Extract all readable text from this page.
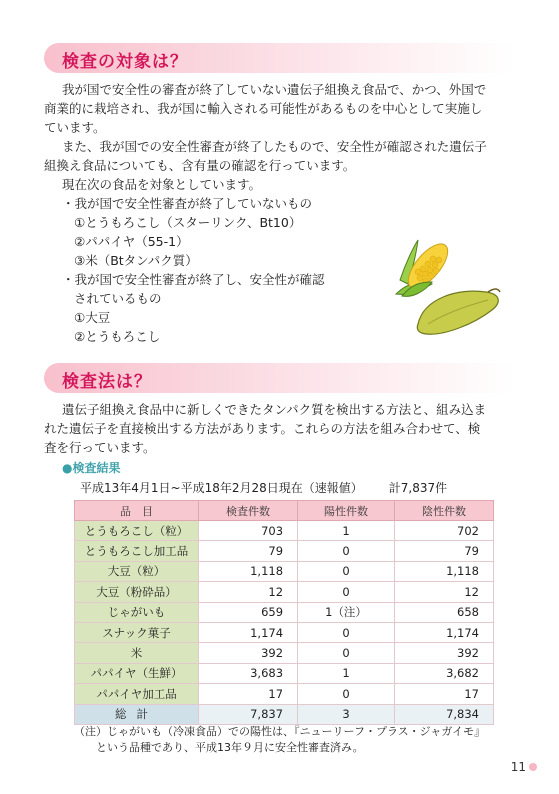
検査の対象は？
我が国で安全性の審査が終了していない遺伝子組換え食品で、かつ、外国で
商業的に栽培され、我が国に輸入される可能性があるものを中心として実施し
ています。
また、我が国での安全性審査が終了したもので、安全性が確認された遺伝子
組換え食品についても、含有量の確認を行っています。
現在次の食品を対象としています。
・我が国で安全性審査が終了していないもの
①とうもろこし（スターリンク、Bt10）
②パパイヤ（55-1）
③米（Btタンパク質）
・我が国で安全性審査が終了し、安全性が確認
されているもの
①大豆
②とうもろこし
検査法は？
遺伝子組換え食品中に新しくできたタンパク質を検出する方法と、組み込ま
れた遺伝子を直接検出する方法があります。これらの方法を組み合わせて、検
査を行っています。
●検査結果
平成13年4月1日~平成18年2月28日現在（速報値） 計7,837件
品　目	検査件数	陽性件数	陰性件数
とうもろこし（粒）	703	1	702
とうもろこし加工品	79	0	79
大豆（粒）	1,118	0	1,118
大豆（粉砕品）	12	0	12
じゃがいも	659	1（注）	658
スナック菓子	1,174	0	1,174
米	392	0	392
パパイヤ（生鮮）	3,683	1	3,682
パパイヤ加工品	17	0	17
総計	7,837	3	7,834
（注）じゃがいも（冷凍食品）での陽性は、『ニューリーフ・プラス・ジャガイモ』
という品種であり、平成13年９月に安全性審査済み。
11
